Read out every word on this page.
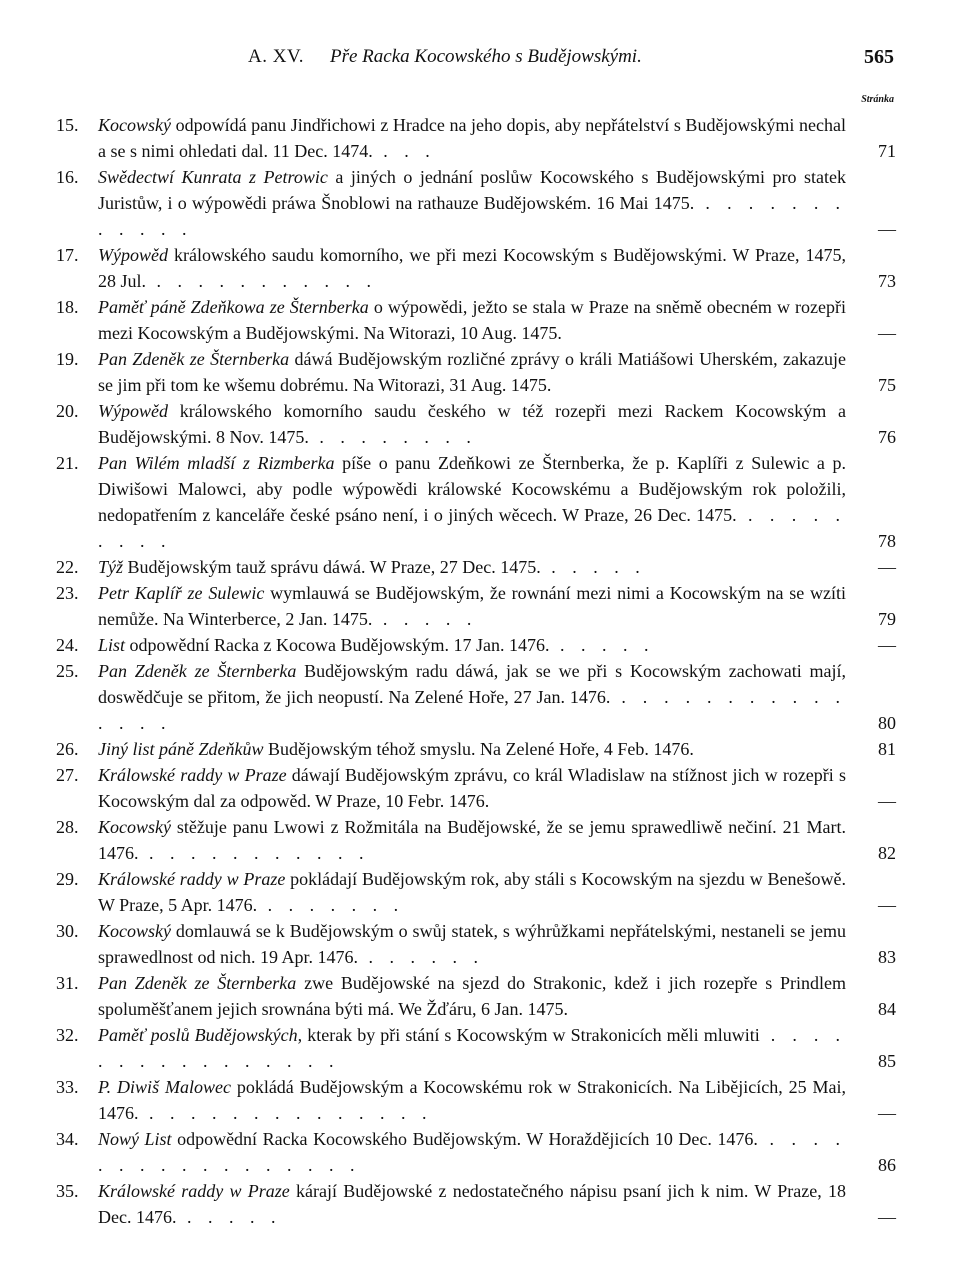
A. XV. Pře Racka Kocowského s Budějowskými.	565
Stránka
15.	Kocowský odpowídá panu Jindřichowi z Hradce na jeho dopis, aby nepřátelství s Budějowskými nechal a se s nimi ohledati dal. 11 Dec. 1474. . . .	71
16.	Swědectwí Kunrata z Petrowic a jiných o jednání poslůw Kocowského s Budějowskými pro statek Juristůw, i o wýpowědi práwa Šnoblowi na rathauze Budějowském. 16 Mai 1475. . . . . . . . . . . . .	—
17.	Wýpowěd králowského saudu komorního, we při mezi Kocowským s Budějowskými. W Praze, 1475, 28 Jul. . . . . . . . . . . .	73
18.	Paměť páně Zdeňkowa ze Šternberka o wýpowědi, ježto se stala w Praze na sněmě obecném w rozepři mezi Kocowským a Budějowskými. Na Witorazi, 10 Aug. 1475.	—
19.	Pan Zdeněk ze Šternberka dáwá Budějowským rozličné zprávy o králi Matiášowi Uherském, zakazuje se jim při tom ke wšemu dobrému. Na Witorazi, 31 Aug. 1475.	75
20.	Wýpowěd králowského komorního saudu českého w též rozepři mezi Rackem Kocowským a Budějowskými. 8 Nov. 1475. . . . . . . . .	76
21.	Pan Wilém mladší z Rizmberka píše o panu Zdeňkowi ze Šternberka, že p. Kaplíři z Sulewic a p. Diwišowi Malowci, aby podle wýpowědi králowské Kocowskému a Budějowským rok položili, nedopatřením z kanceláře české psáno není, i o jiných wěcech. W Praze, 26 Dec. 1475. . . . . . . . . .	78
22.	Týž Budějowským tauž správu dáwá. W Praze, 27 Dec. 1475. . . . . .	—
23.	Petr Kaplíř ze Sulewic wymlauwá se Budějowským, že rownání mezi nimi a Kocowským na se wzíti nemůže. Na Winterberce, 2 Jan. 1475. . . . . .	79
24.	List odpowědní Racka z Kocowa Budějowským. 17 Jan. 1476. . . . . .	—
25.	Pan Zdeněk ze Šternberka Budějowským radu dáwá, jak se we při s Kocowským zachowati mají, doswědčuje se přitom, že jich neopustí. Na Zelené Hoře, 27 Jan. 1476. . . . . . . . . . . . . . . .	80
26.	Jiný list páně Zdeňkůw Budějowským téhož smyslu. Na Zelené Hoře, 4 Feb. 1476.	81
27.	Králowské raddy w Praze dáwají Budějowským zprávu, co král Wladislaw na stížnost jich w rozepři s Kocowským dal za odpowěd. W Praze, 10 Febr. 1476.	—
28.	Kocowský stěžuje panu Lwowi z Rožmitála na Budějowské, že se jemu sprawedliwě nečiní. 21 Mart. 1476. . . . . . . . . . . .	82
29.	Králowské raddy w Praze pokládají Budějowským rok, aby stáli s Kocowským na sjezdu w Benešowě. W Praze, 5 Apr. 1476. . . . . . . .	—
30.	Kocowský domlauwá se k Budějowským o swůj statek, s wýhrůžkami nepřátelskými, nestaneli se jemu sprawedlnost od nich. 19 Apr. 1476. . . . . . .	83
31.	Pan Zdeněk ze Šternberka zwe Budějowské na sjezd do Strakonic, kdež i jich rozepře s Prindlem spoluměšťanem jejich srownána býti má. We Žďáru, 6 Jan. 1475.	84
32.	Paměť poslů Budějowských, kterak by při stání s Kocowským w Strakonicích měli mluwiti . . . . . . . . . . . . . . . .	85
33.	P. Diwiš Malowec pokládá Budějowským a Kocowskému rok w Strakonicích. Na Libějicích, 25 Mai, 1476. . . . . . . . . . . . . . .	—
34.	Nowý List odpowědní Racka Kocowského Budějowským. W Horaždějicích 10 Dec. 1476. . . . . . . . . . . . . . . . . .	86
35.	Králowské raddy w Praze kárají Budějowské z nedostatečného nápisu psaní jich k nim. W Praze, 18 Dec. 1476. . . . . .	—
